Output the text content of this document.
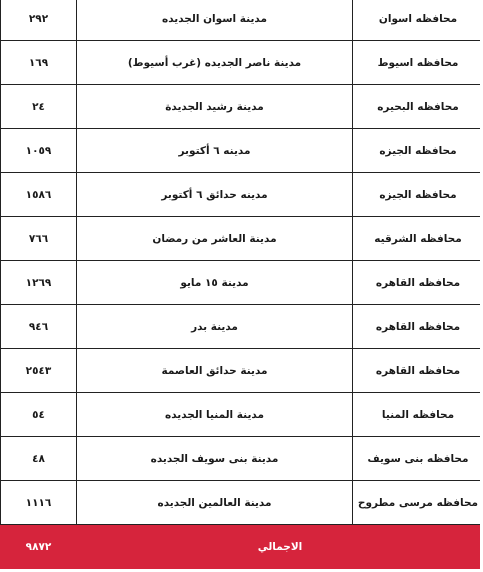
محافظه اسوان	مدينة اسوان الجديده	٢٩٢
محافظه اسيوط	مدينة ناصر الجديده (غرب أسيوط)	١٦٩
محافظه البحيره	مدينة رشيد الجديدة	٢٤
محافظه الجيزه	مدينه ٦ أكتوبر	١٠٥٩
محافظه الجيزه	مدينه حدائق ٦ أكتوبر	١٥٨٦
محافظه الشرقيه	مدينة العاشر من رمضان	٧٦٦
محافظه القاهره	مدينة ١٥ مايو	١٢٦٩
محافظه القاهره	مدينة بدر	٩٤٦
محافظه القاهره	مدينة حدائق العاصمة	٢٥٤٣
محافظه المنيا	مدينة المنيا الجديده	٥٤
محافظه بنى سويف	مدينة بنى سويف الجديده	٤٨
محافظه مرسى مطروح	مدينة العالمين الجديده	١١١٦
الاجمالي		٩٨٧٢
